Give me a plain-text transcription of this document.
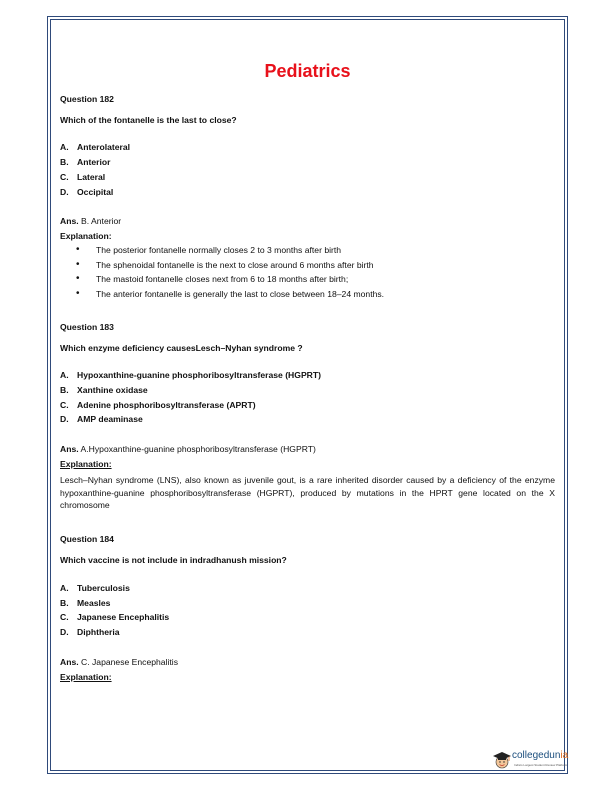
Pediatrics

Question 182

Which of the fontanelle is the last to close?

A. Anterolateral
B. Anterior
C. Lateral
D. Occipital

Ans. B. Anterior

Explanation:

• The posterior fontanelle normally closes 2 to 3 months after birth
• The sphenoidal fontanelle is the next to close around 6 months after birth
• The mastoid fontanelle closes next from 6 to 18 months after birth;
• The anterior fontanelle is generally the last to close between 18–24 months.

Question 183

Which enzyme deficiency causesLesch–Nyhan syndrome ?

A. Hypoxanthine-guanine phosphoribosyltransferase (HGPRT)
B. Xanthine oxidase
C. Adenine phosphoribosyltransferase (APRT)
D. AMP deaminase

Ans. A.Hypoxanthine-guanine phosphoribosyltransferase (HGPRT)

Explanation:

Lesch–Nyhan syndrome (LNS), also known as juvenile gout, is a rare inherited disorder caused by a deficiency of the enzyme hypoxanthine-guanine phosphoribosyltransferase (HGPRT), produced by mutations in the HPRT gene located on the X chromosome

Question 184

Which vaccine is not include in indradhanush mission?

A. Tuberculosis
B. Measles
C. Japanese Encephalitis
D. Diphtheria

Ans. C. Japanese Encephalitis

Explanation:

collegedunia
India's Largest Student Review Platform
